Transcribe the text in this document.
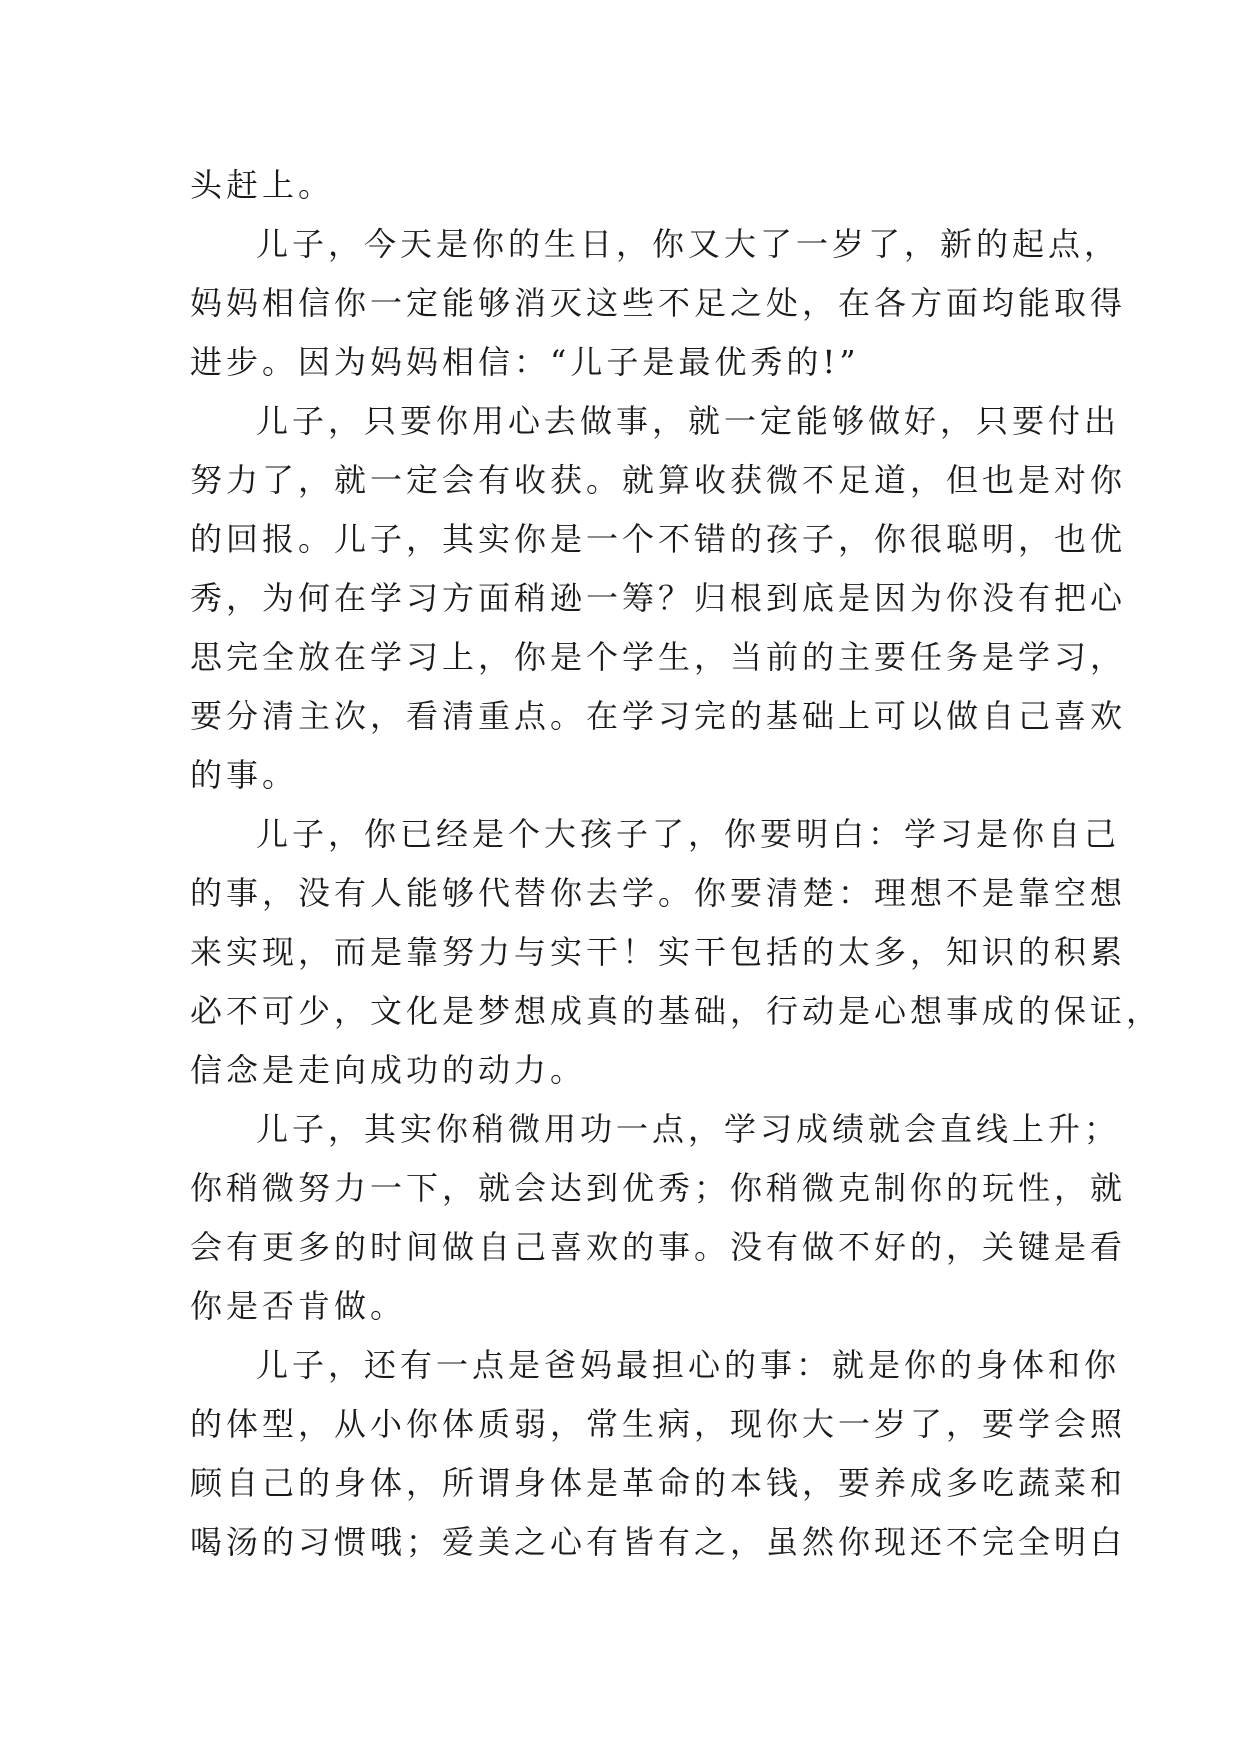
头赶上。
儿子，今天是你的生日，你又大了一岁了，新的起点，
妈妈相信你一定能够消灭这些不足之处，在各方面均能取得
进步。因为妈妈相信：“儿子是最优秀的!”
儿子，只要你用心去做事，就一定能够做好，只要付出
努力了，就一定会有收获。就算收获微不足道，但也是对你
的回报。儿子，其实你是一个不错的孩子，你很聪明，也优
秀，为何在学习方面稍逊一筹？归根到底是因为你没有把心
思完全放在学习上，你是个学生，当前的主要任务是学习，
要分清主次，看清重点。在学习完的基础上可以做自己喜欢
的事。
儿子，你已经是个大孩子了，你要明白：学习是你自己
的事，没有人能够代替你去学。你要清楚：理想不是靠空想
来实现，而是靠努力与实干！实干包括的太多，知识的积累
必不可少，文化是梦想成真的基础，行动是心想事成的保证，
信念是走向成功的动力。
儿子，其实你稍微用功一点，学习成绩就会直线上升；
你稍微努力一下，就会达到优秀；你稍微克制你的玩性，就
会有更多的时间做自己喜欢的事。没有做不好的，关键是看
你是否肯做。
儿子，还有一点是爸妈最担心的事：就是你的身体和你
的体型，从小你体质弱，常生病，现你大一岁了，要学会照
顾自己的身体，所谓身体是革命的本钱，要养成多吃蔬菜和
喝汤的习惯哦；爱美之心有皆有之，虽然你现还不完全明白
